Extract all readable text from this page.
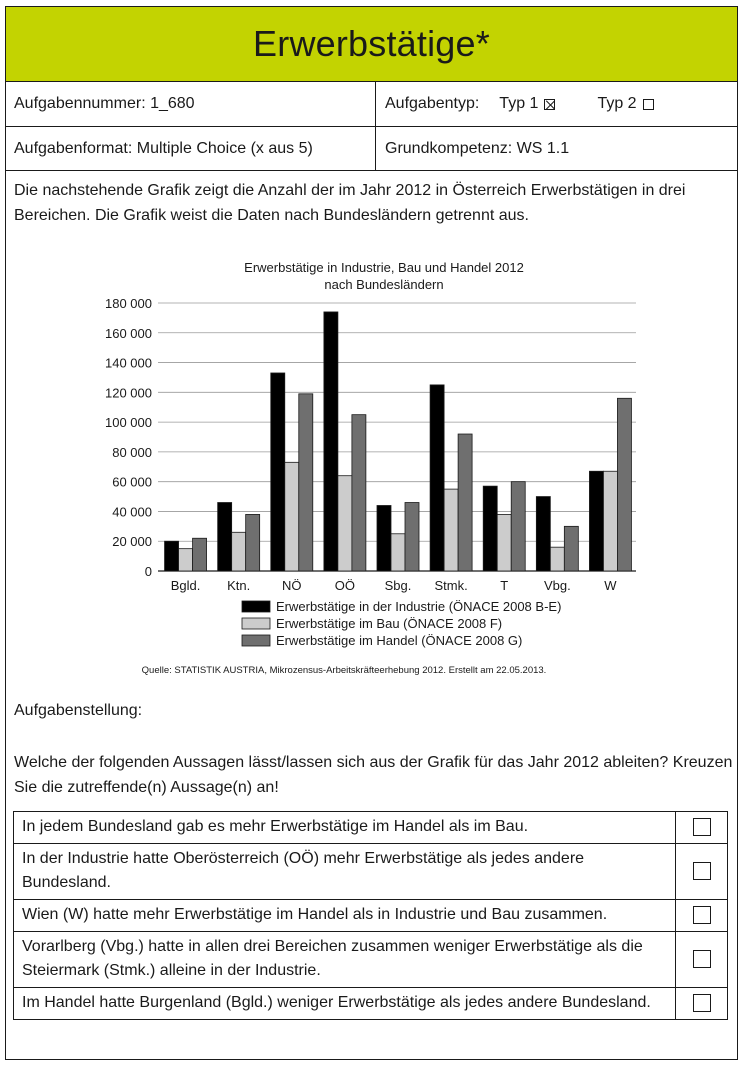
Erwerbstätige*
Aufgabennummer: 1_680	Aufgabentyp: Typ 1	Typ 2
Aufgabenformat: Multiple Choice (x aus 5)	Grundkompetenz: WS 1.1
Die nachstehende Grafik zeigt die Anzahl der im Jahr 2012 in Österreich Erwerbstätigen in drei Bereichen. Die Grafik weist die Daten nach Bundesländern getrennt aus.
Erwerbstätige in Industrie, Bau und Handel 2012
nach Bundesländern
0
20 000
40 000
60 000
80 000
100 000
120 000
140 000
160 000
180 000
Bgld. Ktn. NÖ	OÖ Sbg. Stmk.	T	Vbg.	W
Erwerbstätige in der Industrie (ÖNACE 2008 B-E)
Erwerbstätige im Bau (ÖNACE 2008 F)
Erwerbstätige im Handel (ÖNACE 2008 G)
Quelle: STATISTIK AUSTRIA, Mikrozensus-Arbeitskräfteerhebung 2012. Erstellt am 22.05.2013.
Aufgabenstellung:
Welche der folgenden Aussagen lässt/lassen sich aus der Grafik für das Jahr 2012 ableiten? Kreuzen Sie die zutreffende(n) Aussage(n) an!
In jedem Bundesland gab es mehr Erwerbstätige im Handel als im Bau.	
In der Industrie hatte Oberösterreich (OÖ) mehr Erwerbstätige als jedes andere Bundesland.	
Wien (W) hatte mehr Erwerbstätige im Handel als in Industrie und Bau zusammen.	
Vorarlberg (Vbg.) hatte in allen drei Bereichen zusammen weniger Erwerbstätige als die Steiermark (Stmk.) alleine in der Industrie.	
Im Handel hatte Burgenland (Bgld.) weniger Erwerbstätige als jedes andere Bundesland.	
